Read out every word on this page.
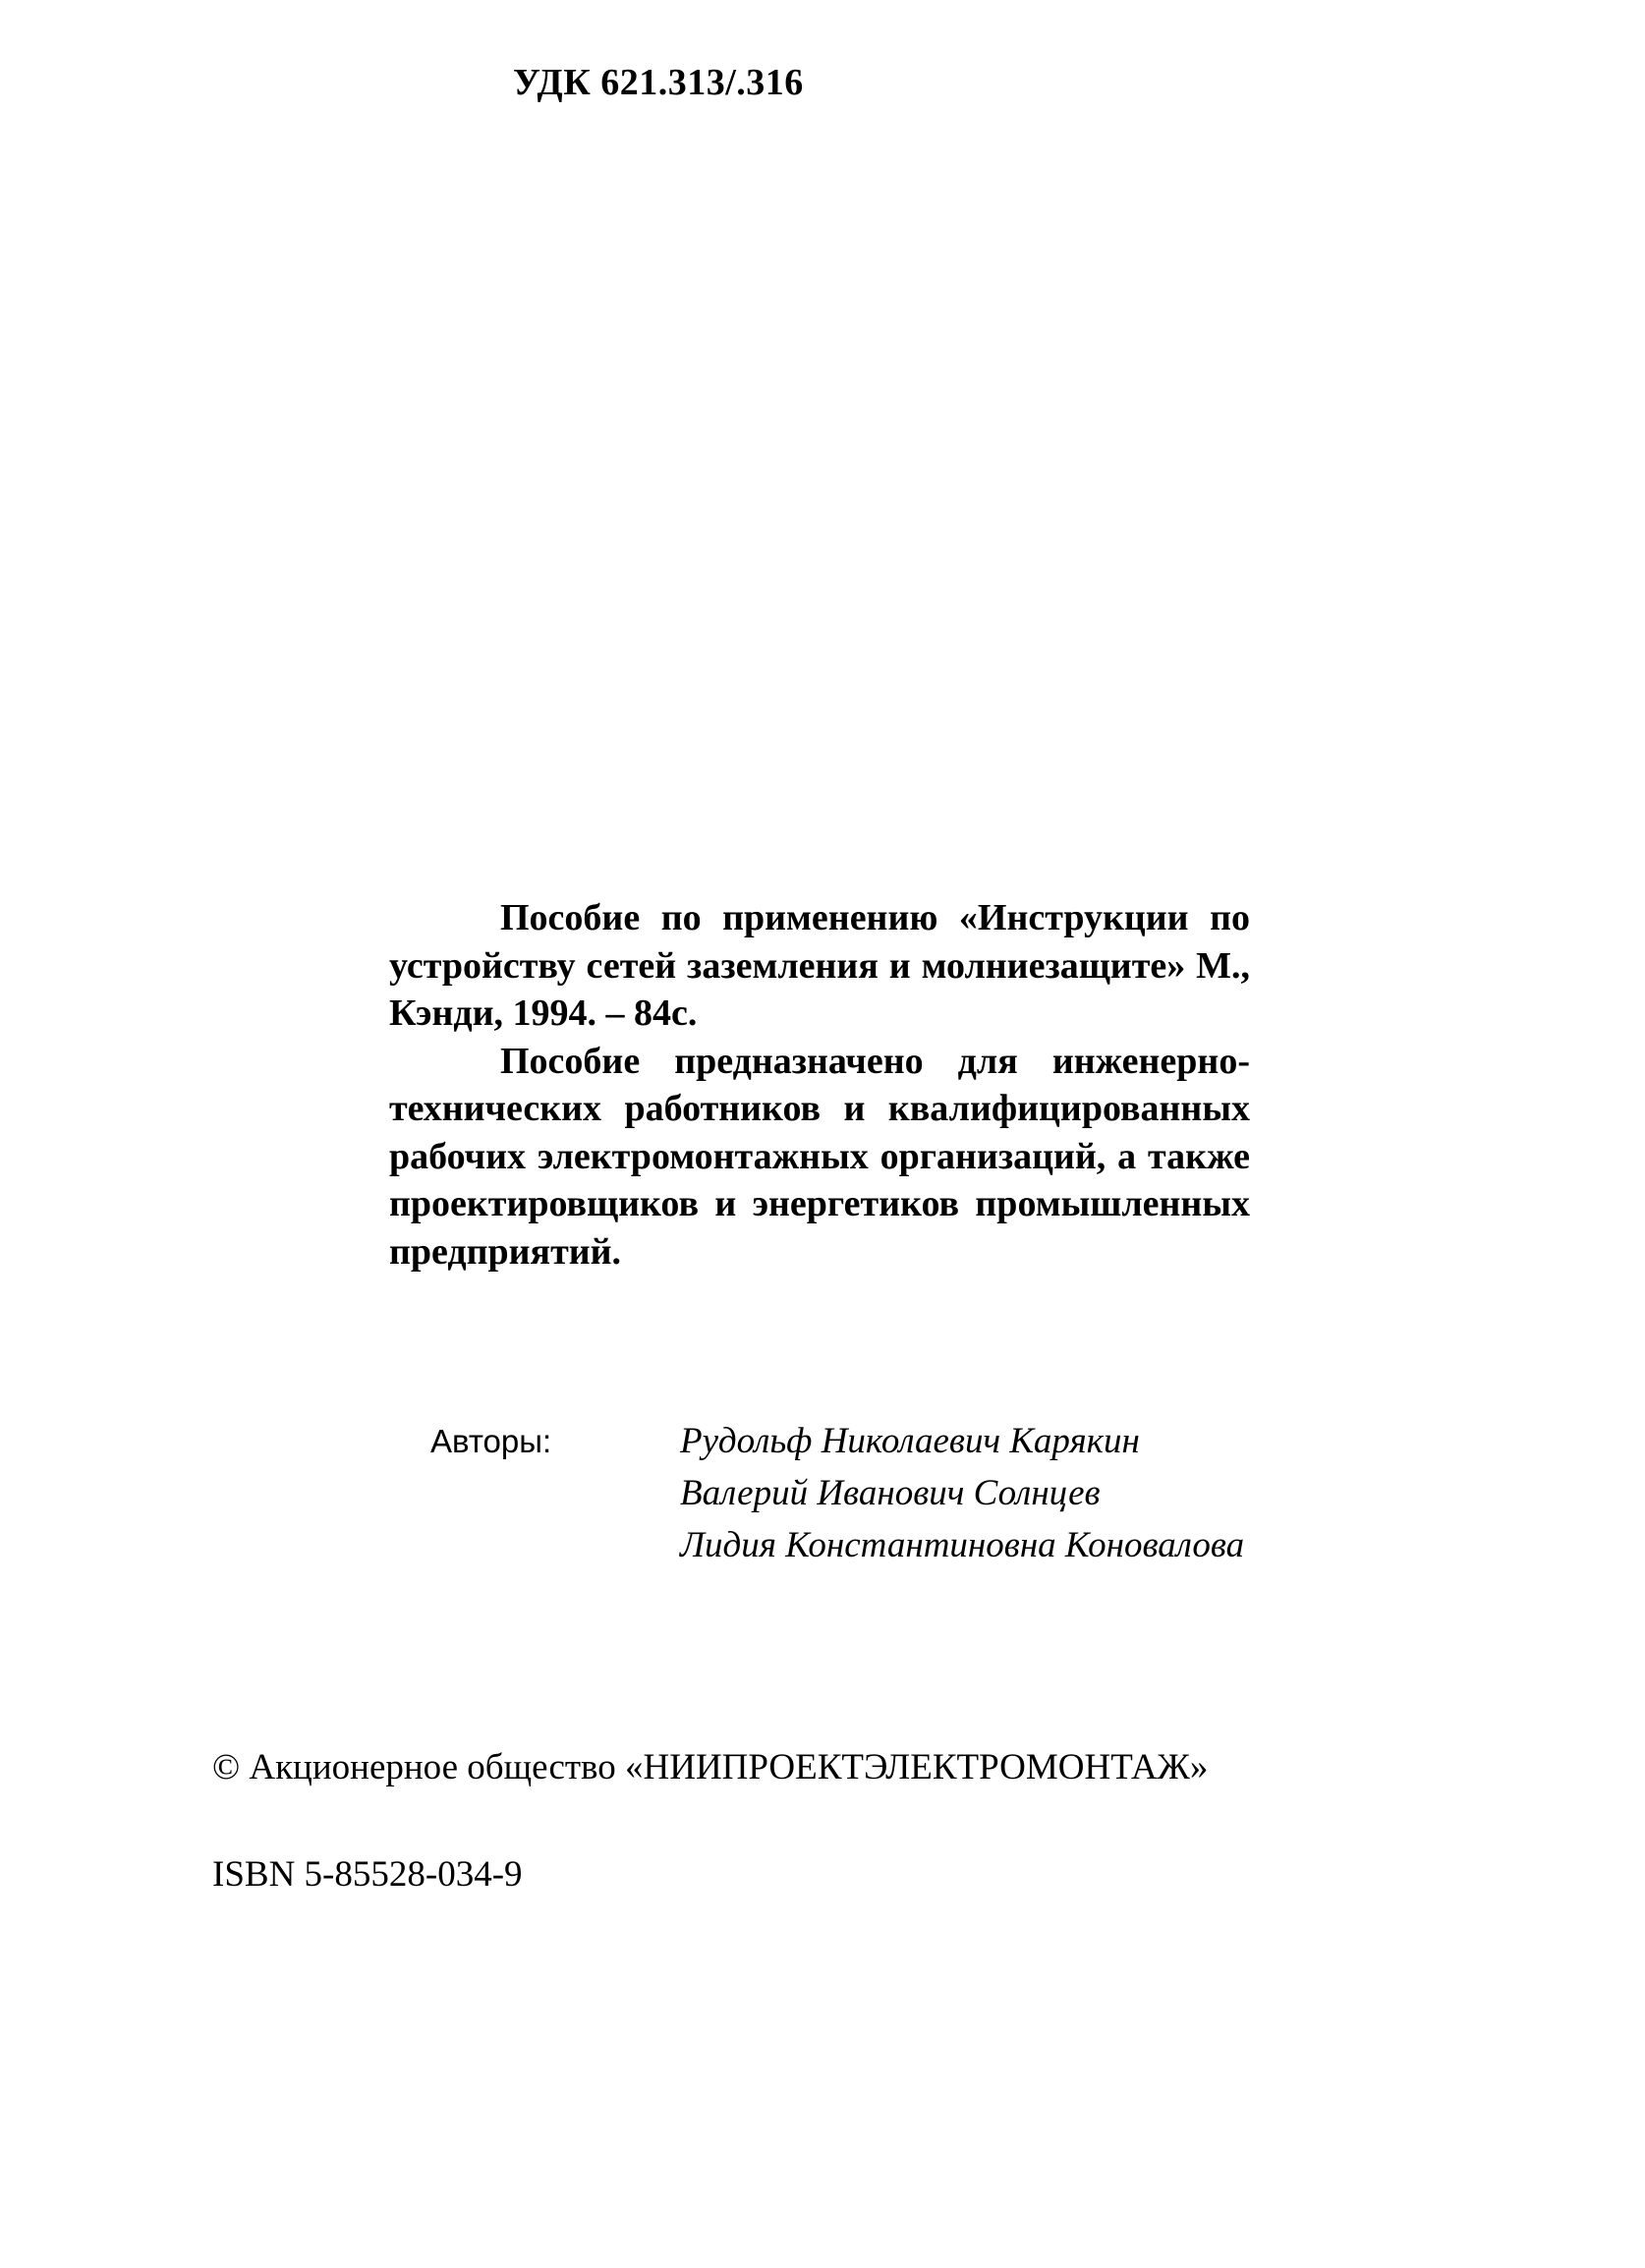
УДК 621.313/.316

Пособие по применению «Инструкции по устройству сетей заземления и молниезащите» М., Кэнди, 1994. – 84с.

Пособие предназначено для инженерно-технических работников и квалифицированных рабочих электромонтажных организаций, а также проектировщиков и энергетиков промышленных предприятий.

Авторы:	Рудольф Николаевич Карякин
Валерий Иванович Солнцев
Лидия Константиновна Коновалова
© Акционерное общество «НИИПРОЕКТЭЛЕКТРОМОНТАЖ»
ISBN 5-85528-034-9
